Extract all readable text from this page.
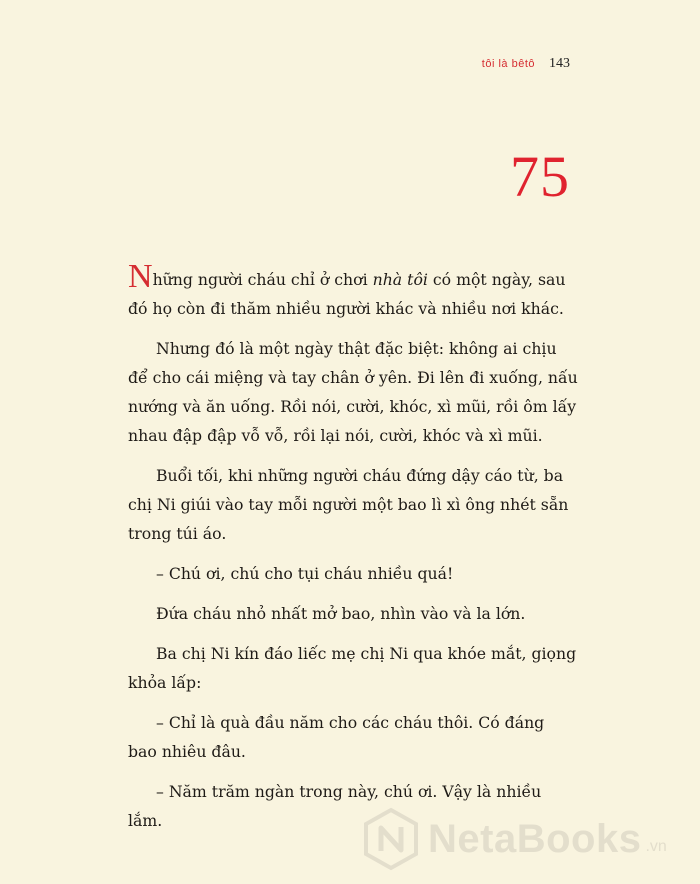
tôi là bêtô 143
75

Những người cháu chỉ ở chơi nhà tôi có một ngày, sau đó họ còn đi thăm nhiều người khác và nhiều nơi khác.

Nhưng đó là một ngày thật đặc biệt: không ai chịu để cho cái miệng và tay chân ở yên. Đi lên đi xuống, nấu nướng và ăn uống. Rồi nói, cười, khóc, xì mũi, rồi ôm lấy nhau đập đập vỗ vỗ, rồi lại nói, cười, khóc và xì mũi.

Buổi tối, khi những người cháu đứng dậy cáo từ, ba chị Ni giúi vào tay mỗi người một bao lì xì ông nhét sẵn trong túi áo.

– Chú ơi, chú cho tụi cháu nhiều quá!

Đứa cháu nhỏ nhất mở bao, nhìn vào và la lớn.

Ba chị Ni kín đáo liếc mẹ chị Ni qua khóe mắt, giọng khỏa lấp:

– Chỉ là quà đầu năm cho các cháu thôi. Có đáng bao nhiêu đâu.

– Năm trăm ngàn trong này, chú ơi. Vậy là nhiều lắm.	NetaBooks .vn
